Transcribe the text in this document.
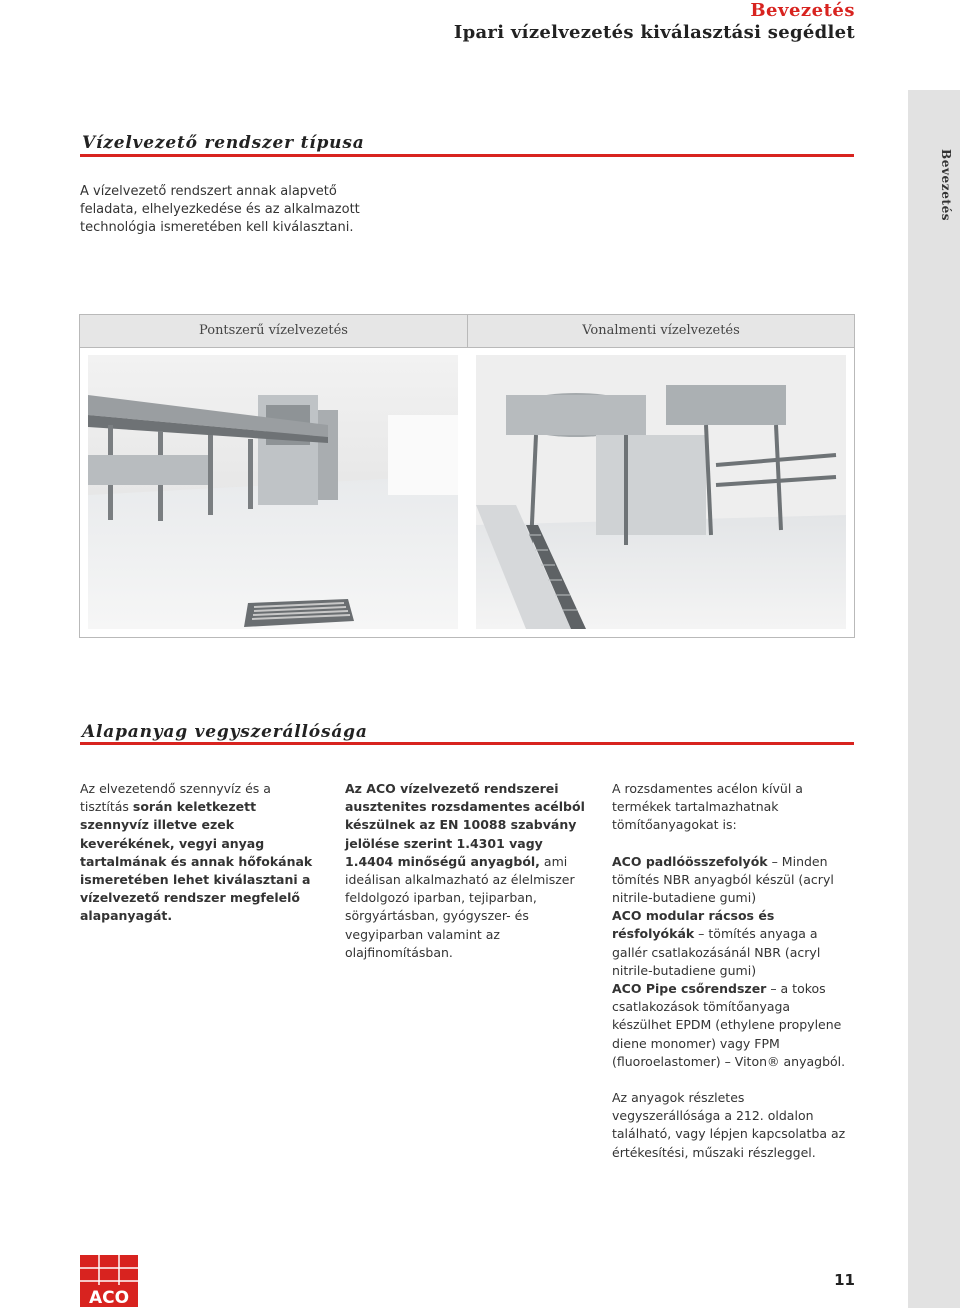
Bevezetés
Ipari vízelvezetés kiválasztási segédlet
Bevezetés
Vízelvezető rendszer típusa
A vízelvezető rendszert annak alapvető feladata, elhelyezkedése és az alkalmazott technológia ismeretében kell kiválasztani.
Pontszerű vízelvezetés	Vonalmenti vízelvezetés
Alapanyag vegyszerállósága

Az elvezetendő szennyvíz és a tisztítás során keletkezett szennyvíz illetve ezek keverékének, vegyi anyag tartalmának és annak hőfokának ismeretében lehet kiválasztani a vízelvezető rendszer megfelelő alapanyagát.

Az ACO vízelvezető rendszerei ausztenites rozsdamentes acélból készülnek az EN 10088 szabvány jelölése szerint 1.4301 vagy 1.4404 minőségű anyagból, ami ideálisan alkalmazható az élelmiszer feldolgozó iparban, tejiparban, sörgyártásban, gyógyszer- és vegyiparban valamint az olajfinomításban.

A rozsdamentes acélon kívül a termékek tartalmazhatnak tömítőanyagokat is:

ACO padlóösszefolyók – Minden tömítés NBR anyagból készül (acryl nitrile-butadiene gumi)

ACO modular rácsos és résfolyókák – tömítés anyaga a gallér csatlakozásánál NBR (acryl nitrile-butadiene gumi)

ACO Pipe csőrendszer – a tokos csatlakozások tömítőanyaga készülhet EPDM (ethylene propylene diene monomer) vagy FPM (fluoroelastomer) – Viton® anyagból.

Az anyagok részletes vegyszerállósága a 212. oldalon található, vagy lépjen kapcsolatba az értékesítési, műszaki részleggel.

ACO
11
